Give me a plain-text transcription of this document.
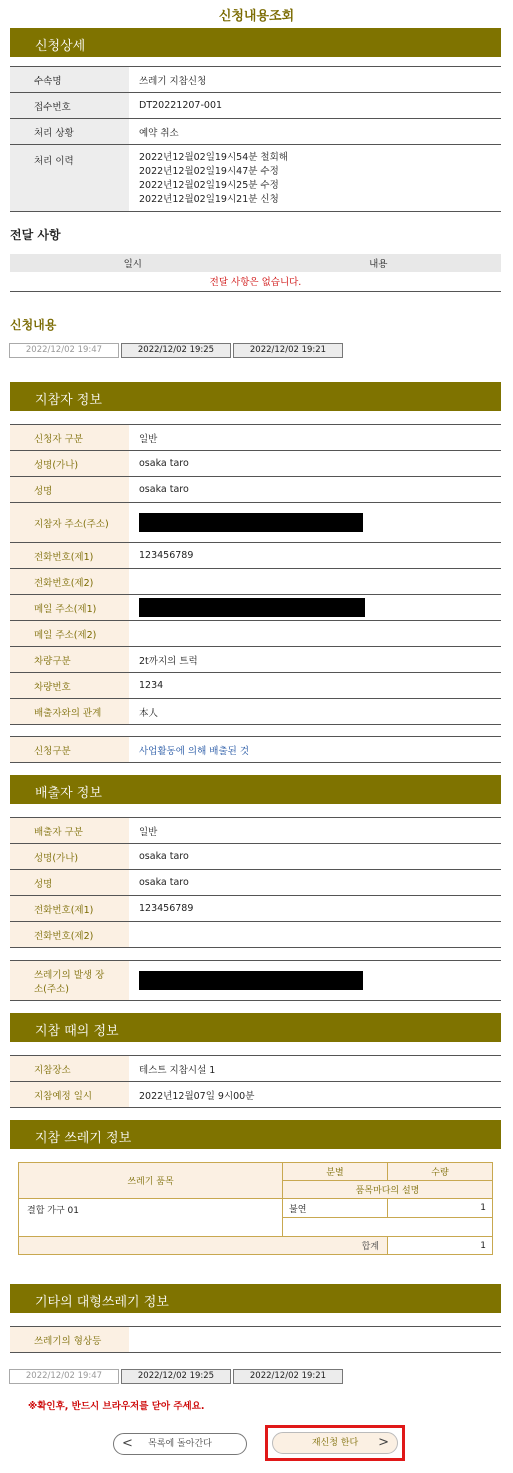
신청내용조회
신청상세
수속명	쓰레기 지참신청
접수번호	DT20221207-001
처리 상황	예약 취소
처리 이력	2022년12월02일19시54분 철회해
2022년12월02일19시47분 수정
2022년12월02일19시25분 수정
2022년12월02일19시21분 신청
전달 사항
일시	내용
전달 사항은 없습니다.
신청내용
2022/12/02 19:47	2022/12/02 19:25	2022/12/02 19:21
지참자 정보
신청자 구분	일반
성명(가나)	osaka taro
성명	osaka taro
지참자 주소(주소)	
전화번호(제1)	123456789
전화번호(제2)	
메일 주소(제1)	
메일 주소(제2)	
차량구분	2t까지의 트럭
차량번호	1234
배출자와의 관계	本人
신청구분	사업활동에 의해 배출된 것
배출자 정보
배출자 구분	일반
성명(가나)	osaka taro
성명	osaka taro
전화번호(제1)	123456789
전화번호(제2)	
쓰레기의 발생 장소(주소)	
지참 때의 정보
지참장소	테스트 지참시설 1
지참예정 일시	2022년12월07일 9시00분
지참 쓰레기 정보
쓰레기 품목	분별	수량
	품목마다의 설명	
결합 가구 01	불연	1

합계		1
기타의 대형쓰레기 정보
쓰레기의 형상등	
2022/12/02 19:47	2022/12/02 19:25	2022/12/02 19:21
※확인후, 반드시 브라우저를 닫아 주세요.
< 목록에 돌아간다	재신청 한다 >
